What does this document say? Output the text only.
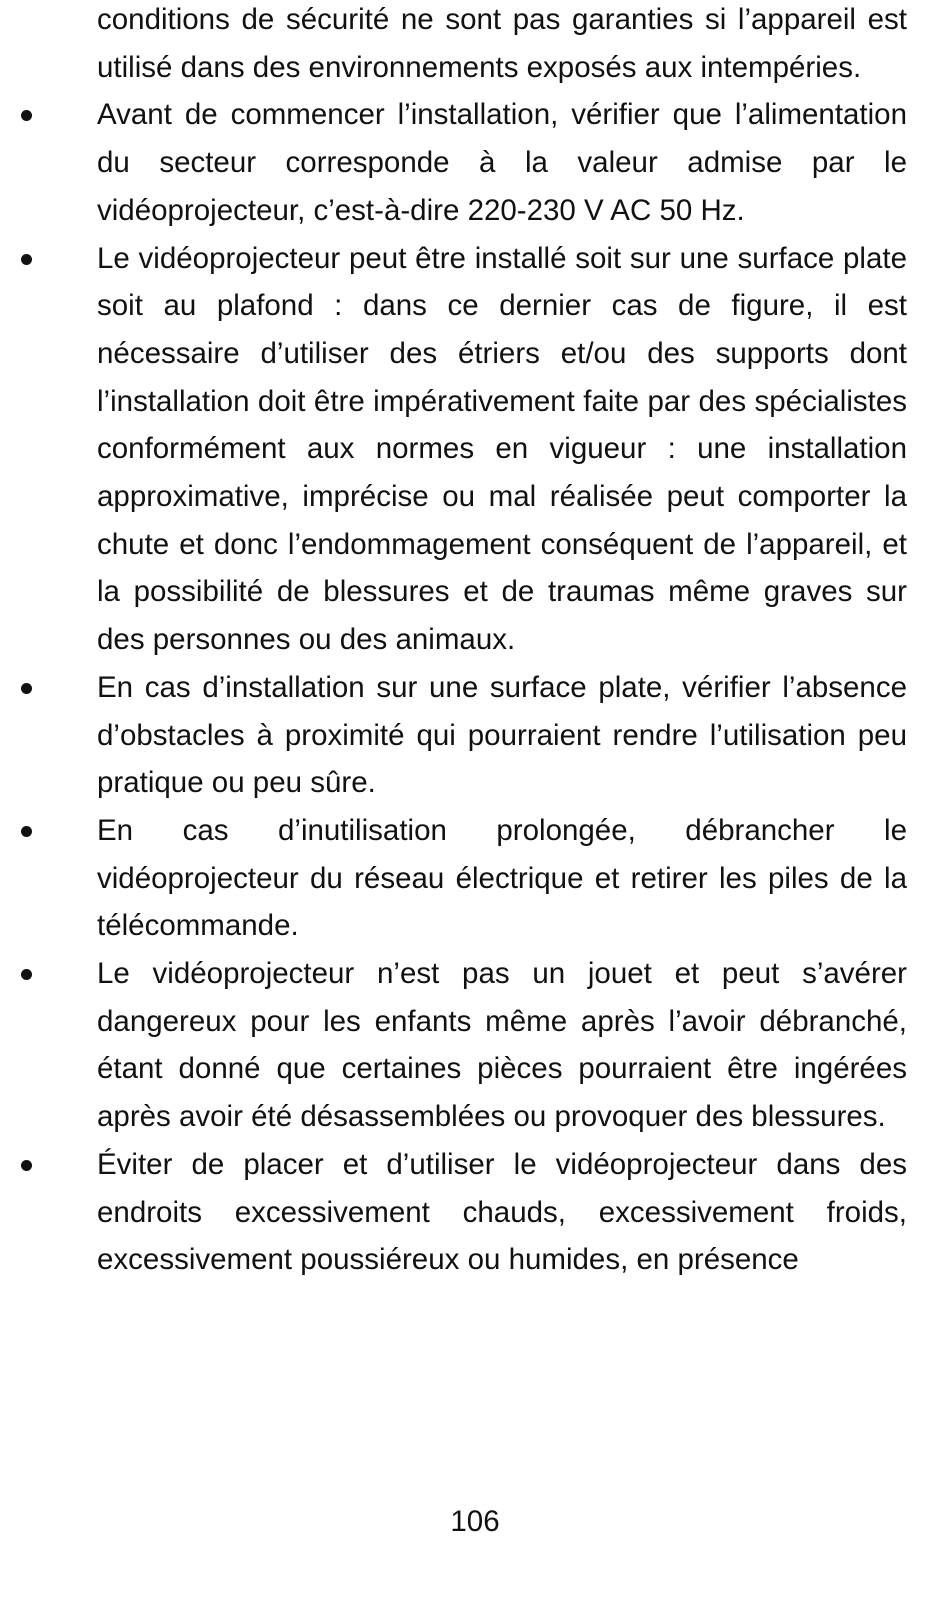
conditions de sécurité ne sont pas garanties si l’appareil est utilisé dans des environnements exposés aux intempéries.

Avant de commencer l’installation, vérifier que l’alimentation du secteur corresponde à la valeur admise par le vidéoprojecteur, c’est-à-dire 220-230 V AC 50 Hz.

Le vidéoprojecteur peut être installé soit sur une surface plate soit au plafond : dans ce dernier cas de figure, il est nécessaire d’utiliser des étriers et/ou des supports dont l’installation doit être impérativement faite par des spécialistes conformément aux normes en vigueur : une installation approximative, imprécise ou mal réalisée peut comporter la chute et donc l’endommagement conséquent de l’appareil, et la possibilité de blessures et de traumas même graves sur des personnes ou des animaux.

En cas d’installation sur une surface plate, vérifier l’absence d’obstacles à proximité qui pourraient rendre l’utilisation peu pratique ou peu sûre.

En cas d’inutilisation prolongée, débrancher le vidéoprojecteur du réseau électrique et retirer les piles de la télécommande.

Le vidéoprojecteur n’est pas un jouet et peut s’avérer dangereux pour les enfants même après l’avoir débranché, étant donné que certaines pièces pourraient être ingérées après avoir été désassemblées ou provoquer des blessures.

Éviter de placer et d’utiliser le vidéoprojecteur dans des endroits excessivement chauds, excessivement froids, excessivement poussiéreux ou humides, en présence

106
